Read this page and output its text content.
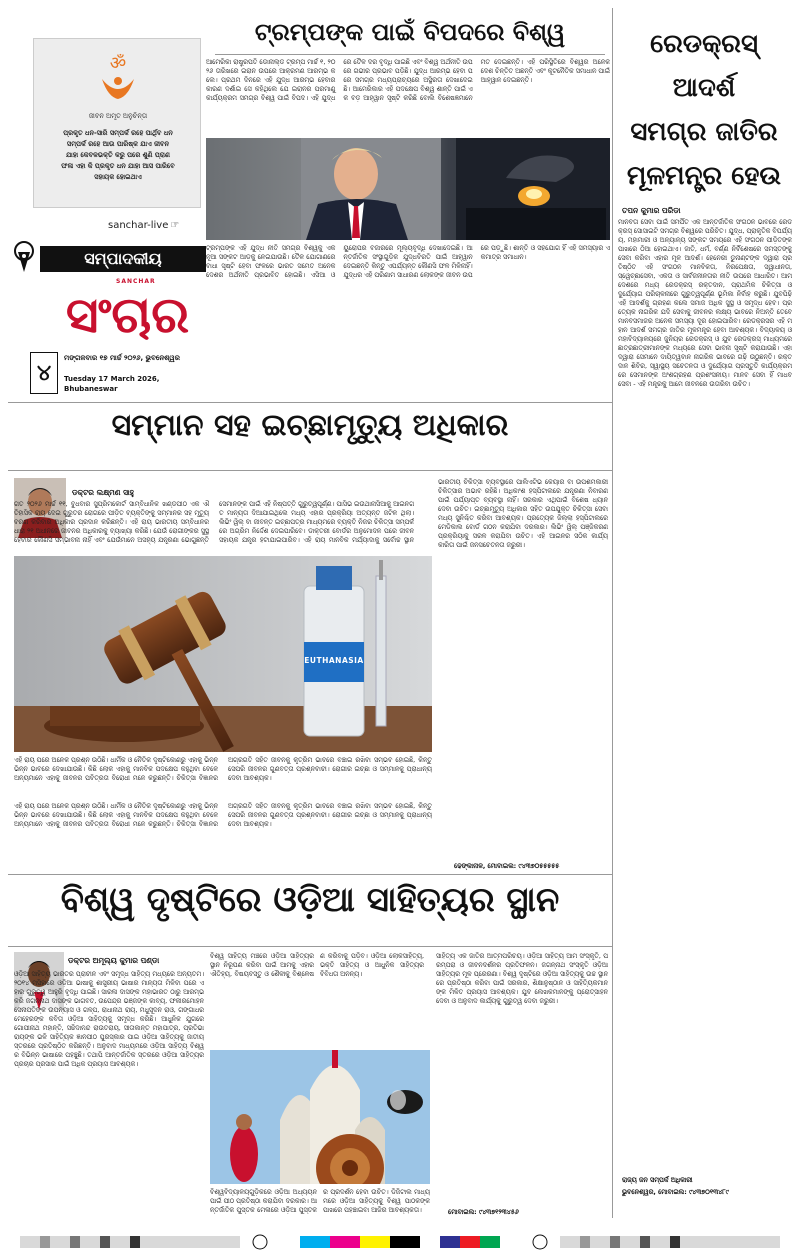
ॐ
ଜୀବନ ଅମୃତ ଅନୁଚିନ୍ତା
ପ୍ରକୃତ ଧନ-ସାରି ସମ୍ପର୍କ ରହେ ପାର୍ଥିବ ଧନ
ସମ୍ପର୍କ ରହେ ଆଉ ପାରିଷ୍କ ଯାଏ ଜୀବନ
ଯାହା କେବଳଭକ୍ତି କରୁ ପରେ ଶୁଣି ପ୍ରାଣ
ଫଳା ଏହା କି ପ୍ରକୃତ ଧନ ଯାହା ଆସ ପାରିବେ
ସହାୟକ ହୋଇଥାଏ
sanchar-live ☞
ସମ୍ପାଦକୀୟ
SANCHAR
ସଂଚାର
୪
ମଙ୍ଗଳବାର ୧୭ ମାର୍ଚ୍ଚ ୨୦୨୬, ଭୁବନେଶ୍ୱର
Tuesday 17 March 2026,
Bhubaneswar
ଟ୍ରମ୍ପଙ୍କ ପାଇଁ ବିପଦରେ ବିଶ୍ୱ
ଆମେରିକା ରାଷ୍ଟ୍ରପତି ଡୋନାଲ୍ଡ ଟ୍ରମ୍ପ ମାର୍ଚ୍ଚ ୧, ୨୦୨୬ ତାରିଖରେ ଇରାନ ଉପରେ ଆକ୍ରମଣ ଆରମ୍ଭ କଲେ। ପ୍ରଥମ ଦିନରେ ଏହି ଯୁଦ୍ଧ ଆରମ୍ଭ ହେବାର କାରଣ ଦର୍ଶାଇ ସେ କହିଥିଲେ ଯେ ଇରାନର ପରମାଣୁ କାର୍ଯ୍ୟକ୍ରମ ସମଗ୍ର ବିଶ୍ୱ ପାଇଁ ବିପଦ। ଏହି ଯୁଦ୍ଧରେ ତୈଳ ଦର ବୃଦ୍ଧି ପାଇଛି ଏବଂ ବିଶ୍ୱ ଅର୍ଥନୀତି ଉପରେ ଗଭୀର ପ୍ରଭାବ ପଡ଼ିଛି। ଯୁଦ୍ଧ ଆରମ୍ଭ ହେବା ପରେ ସମଗ୍ର ମଧ୍ୟପ୍ରାଚ୍ୟରେ ଅସ୍ଥିରତା ଦେଖାଦେଇଛି। ଆମେରିକାର ଏହି ପଦକ୍ଷେପ ବିଶ୍ୱ ଶାନ୍ତି ପାଇଁ ଏକ ବଡ଼ ଆହ୍ୱାନ ସୃଷ୍ଟି କରିଛି ବୋଲି ବିଶେଷଜ୍ଞମାନେ ମତ ଦେଇଛନ୍ତି। ଏହି ପରିସ୍ଥିତିରେ ବିଶ୍ୱର ଅନେକ ଦେଶ ଚିନ୍ତିତ ଅଛନ୍ତି ଏବଂ କୂଟନୈତିକ ସମାଧାନ ପାଇଁ ଆହ୍ୱାନ ଦେଇଛନ୍ତି।
ଟ୍ରମ୍ପଙ୍କ ଏହି ଯୁଦ୍ଧ ନୀତି ସମଗ୍ର ବିଶ୍ୱକୁ ଏକ ନୂଆ ସଙ୍କଟ ଆଡ଼କୁ ନେଇଯାଉଛି। ତୈଳ ଯୋଗାଣରେ ବାଧା ସୃଷ୍ଟି ହେବା ଫଳରେ ଭାରତ ସମେତ ଅନେକ ଦେଶର ଅର୍ଥନୀତି ପ୍ରଭାବିତ ହୋଇଛି। ଏସିଆ ଓ ୟୁରୋପର ବଜାରରେ ମୂଲ୍ୟବୃଦ୍ଧି ଦେଖାଦେଇଛି। ଆନ୍ତର୍ଜାତିକ ସଂସ୍ଥାଗୁଡ଼ିକ ଯୁଦ୍ଧବିରତି ପାଇଁ ଆହ୍ୱାନ ଦେଇଛନ୍ତି କିନ୍ତୁ ଏପର୍ଯ୍ୟନ୍ତ କୌଣସି ଫଳ ମିଳିନାହିଁ। ଯୁଦ୍ଧର ଏହି ପରିଣାମ ସାଧାରଣ ଲୋକଙ୍କ ଜୀବନ ଉପରେ ପଡ଼ୁଛି। ଶାନ୍ତି ଓ ସହଯୋଗ ହିଁ ଏହି ସମସ୍ୟାର ଏକମାତ୍ର ସମାଧାନ।
ରେଡକ୍ରସ୍
ଆଦର୍ଶ
ସମଗ୍ର ଜାତିର
ମୂଳମନ୍ତ୍ର ହେଉ
ତପନ କୁମାର ପରିଡା
ସମ୍ମାନ ସହ ଇଚ୍ଛାମୃତ୍ୟୁ ଅଧିକାର
ଡକ୍ଟର ଲକ୍ଷ୍ମଣ ସାହୁ
ଗତ ୨୦୨୬ ମାର୍ଚ୍ଚ ୧୧, ବୁଧବାର ସୁପ୍ରିମକୋର୍ଟ ସାମ୍ବିଧାନିକ ଖଣ୍ଡପୀଠ ଏକ ଐତିହାସିକ ରାୟ ଦେଇ ଗୁରୁତର ରୋଗରେ ପୀଡ଼ିତ ବ୍ୟକ୍ତିଙ୍କୁ ସମ୍ମାନର ସହ ମୃତ୍ୟୁ ବରଣ କରିବାର ଅଧିକାର ପ୍ରଦାନ କରିଛନ୍ତି। ଏହି ରାୟ ଭାରତୀୟ ସମ୍ବିଧାନର ଧାରା ୨୧ ଅଧୀନରେ ଜୀବନର ଅଧିକାରକୁ ବ୍ୟାଖ୍ୟା କରିଛି। ଯେଉଁ ରୋଗୀଙ୍କର ସୁସ୍ଥ ହେବାର କୌଣସି ସମ୍ଭାବନା ନାହିଁ ଏବଂ ଯେଉଁମାନେ ଅସହ୍ୟ ଯନ୍ତ୍ରଣା ଭୋଗୁଛନ୍ତି ସେମାନଙ୍କ ପାଇଁ ଏହି ନିଷ୍ପତ୍ତି ଗୁରୁତ୍ୱପୂର୍ଣ୍ଣ। ପାସିଭ ଇଉଥାନାସିଆକୁ ଆଇନଗତ ମାନ୍ୟତା ଦିଆଯାଇଥିଲେ ମଧ୍ୟ ଏହାର ପ୍ରକ୍ରିୟା ଅତ୍ୟନ୍ତ ଜଟିଳ ଥିଲା। ଲିଭିଂ ୱିଲ୍ ବା ଜୀବନ୍ତ ଇଚ୍ଛାପତ୍ର ମାଧ୍ୟମରେ ବ୍ୟକ୍ତି ନିଜର ଚିକିତ୍ସା ସମ୍ପର୍କରେ ଅଗ୍ରିମ ନିର୍ଦ୍ଦେଶ ଦେଇପାରିବେ। ଡାକ୍ତରୀ ବୋର୍ଡର ଅନୁମୋଦନ ପରେ ଜୀବନ ସହାୟକ ଯନ୍ତ୍ର ହଟାଯାଇପାରିବ। ଏହି ରାୟ ମାନବିକ ମର୍ଯ୍ୟାଦାକୁ ସର୍ବୋଚ୍ଚ ସ୍ଥାନ
EUTHANASIA
ଏହି ରାୟ ପରେ ଅନେକ ପ୍ରଶ୍ନ ଉଠିଛି। ଧାର୍ମିକ ଓ ନୈତିକ ଦୃଷ୍ଟିକୋଣରୁ ଏହାକୁ ଭିନ୍ନ ଭିନ୍ନ ଭାବରେ ଦେଖାଯାଉଛି। କିଛି ଲୋକ ଏହାକୁ ମାନବିକ ପଦକ୍ଷେପ କହୁଥିବା ବେଳେ ଅନ୍ୟମାନେ ଏହାକୁ ଜୀବନର ପବିତ୍ରତା ବିରୋଧୀ ମନେ କରୁଛନ୍ତି। ଚିକିତ୍ସା ବିଜ୍ଞାନର ଅଗ୍ରଗତି ସହିତ ଜୀବନକୁ କୃତ୍ରିମ ଭାବରେ ବଞ୍ଚାଇ ରଖିବା ସମ୍ଭବ ହୋଇଛି, କିନ୍ତୁ ସେପରି ଜୀବନର ଗୁଣବତ୍ତା ପ୍ରଶ୍ନବାଚୀ। ରୋଗୀର ଇଚ୍ଛା ଓ ସମ୍ମାନକୁ ପ୍ରାଧାନ୍ୟ ଦେବା ଆବଶ୍ୟକ।
ଭାରତୀୟ ଚିକିତ୍ସା ବ୍ୟବସ୍ଥାରେ ପାଲିଏଟିଭ କେୟାର ବା ଉପଶମକାରୀ ଚିକିତ୍ସାର ଅଭାବ ରହିଛି। ଅଧିକାଂଶ ହସ୍ପିଟାଲରେ ଯନ୍ତ୍ରଣା ନିବାରଣ ପାଇଁ ପର୍ଯ୍ୟାପ୍ତ ବ୍ୟବସ୍ଥା ନାହିଁ। ସରକାର ଏଥିପାଇଁ ବିଶେଷ ଧ୍ୟାନ ଦେବା ଉଚିତ। ଇଚ୍ଛାମୃତ୍ୟୁ ଅଧିକାର ସହିତ ଉପଯୁକ୍ତ ଚିକିତ୍ସା ସେବା ମଧ୍ୟ ସୁନିଶ୍ଚିତ କରିବା ଆବଶ୍ୟକ। ପ୍ରତ୍ୟେକ ଜିଲ୍ଲା ହସ୍ପିଟାଲରେ ମେଡିକାଲ ବୋର୍ଡ ଗଠନ କରାଯିବା ଦରକାର। ଲିଭିଂ ୱିଲ୍ ପଞ୍ଜିକରଣ ପ୍ରକ୍ରିୟାକୁ ସରଳ କରାଯିବା ଉଚିତ। ଏହି ଆଇନର ସଠିକ କାର୍ଯ୍ୟକାରିତା ପାଇଁ ଜନସଚେତନତା ଜରୁରୀ।
ଏହି ରାୟ ପରେ ଅନେକ ପ୍ରଶ୍ନ ଉଠିଛି। ଧାର୍ମିକ ଓ ନୈତିକ ଦୃଷ୍ଟିକୋଣରୁ ଏହାକୁ ଭିନ୍ନ ଭିନ୍ନ ଭାବରେ ଦେଖାଯାଉଛି। କିଛି ଲୋକ ଏହାକୁ ମାନବିକ ପଦକ୍ଷେପ କହୁଥିବା ବେଳେ ଅନ୍ୟମାନେ ଏହାକୁ ଜୀବନର ପବିତ୍ରତା ବିରୋଧୀ ମନେ କରୁଛନ୍ତି। ଚିକିତ୍ସା ବିଜ୍ଞାନର ଅଗ୍ରଗତି ସହିତ ଜୀବନକୁ କୃତ୍ରିମ ଭାବରେ ବଞ୍ଚାଇ ରଖିବା ସମ୍ଭବ ହୋଇଛି, କିନ୍ତୁ ସେପରି ଜୀବନର ଗୁଣବତ୍ତା ପ୍ରଶ୍ନବାଚୀ। ରୋଗୀର ଇଚ୍ଛା ଓ ସମ୍ମାନକୁ ପ୍ରାଧାନ୍ୟ ଦେବା ଆବଶ୍ୟକ।
ଢେଙ୍କାନାଳ, ମୋବାଇଲ: ୯୪୩୭୦୫୫୫୫୫
ମାନବତା ସେବା ପାଇଁ ସମର୍ପିତ ଏକ ଆନ୍ତର୍ଜାତିକ ସଂଗଠନ ଭାବରେ ରେଡକ୍ରସ୍ ସୋସାଇଟି ସମଗ୍ର ବିଶ୍ୱରେ ପରିଚିତ। ଯୁଦ୍ଧ, ପ୍ରାକୃତିକ ବିପର୍ଯ୍ୟୟ, ମହାମାରୀ ଓ ଅନ୍ୟାନ୍ୟ ସଙ୍କଟ ସମୟରେ ଏହି ସଂଗଠନ ପୀଡ଼ିତଙ୍କ ପାଖରେ ଠିଆ ହୋଇଥାଏ। ଜାତି, ଧର୍ମ, ବର୍ଣ୍ଣ ନିର୍ବିଶେଷରେ ସମସ୍ତଙ୍କୁ ସେବା କରିବା ଏହାର ମୂଳ ଆଦର୍ଶ। ହେନେରୀ ଡୁନାଣ୍ଟଙ୍କ ଦ୍ୱାରା ପ୍ରତିଷ୍ଠିତ ଏହି ସଂଗଠନ ମାନବିକତା, ନିରପେକ୍ଷତା, ସ୍ୱାଧୀନତା, ସ୍ୱେଚ୍ଛାସେବା, ଏକତା ଓ ସାର୍ବଜନୀନତାର ନୀତି ଉପରେ ଆଧାରିତ। ଆମ ଦେଶରେ ମଧ୍ୟ ରେଡକ୍ରସ୍ ରକ୍ତଦାନ, ପ୍ରାଥମିକ ଚିକିତ୍ସା ଓ ଦୁର୍ଯ୍ୟୋଗ ପରିଚାଳନାରେ ଗୁରୁତ୍ୱପୂର୍ଣ୍ଣ ଭୂମିକା ନିର୍ବାହ କରୁଛି। ଯୁବପିଢ଼ି ଏହି ଆଦର୍ଶକୁ ଗ୍ରହଣ କଲେ ସମାଜ ଅଧିକ ସୁସ୍ଥ ଓ ସମୃଦ୍ଧ ହେବ। ପ୍ରତ୍ୟେକ ନାଗରିକ ଯଦି ସେବାକୁ ଜୀବନର ଲକ୍ଷ୍ୟ ଭାବରେ ନିଅନ୍ତି ତେବେ ମାନବସମାଜର ଅନେକ ସମସ୍ୟା ଦୂର ହୋଇପାରିବ। ରେଡକ୍ରସର ଏହି ମହାନ ଆଦର୍ଶ ସମଗ୍ର ଜାତିର ମୂଳମନ୍ତ୍ର ହେବା ଆବଶ୍ୟକ। ବିଦ୍ୟାଳୟ ଓ ମହାବିଦ୍ୟାଳୟରେ ଜୁନିୟର ରେଡକ୍ରସ୍ ଓ ଯୁବ ରେଡକ୍ରସ୍ ମାଧ୍ୟମରେ ଛାତ୍ରଛାତ୍ରୀମାନଙ୍କ ମଧ୍ୟରେ ସେବା ଭାବନା ସୃଷ୍ଟି କରାଯାଉଛି। ଏହା ଦ୍ୱାରା ସେମାନେ ଦାୟିତ୍ୱବାନ ନାଗରିକ ଭାବରେ ଗଢ଼ି ଉଠୁଛନ୍ତି। ରକ୍ତଦାନ ଶିବିର, ସ୍ୱାସ୍ଥ୍ୟ ସଚେତନତା ଓ ଦୁର୍ଯ୍ୟୋଗ ପ୍ରସ୍ତୁତି କାର୍ଯ୍ୟକ୍ରମରେ ସେମାନଙ୍କ ଅଂଶଗ୍ରହଣ ପ୍ରଶଂସନୀୟ। ମାନବ ସେବା ହିଁ ମାଧବ ସେବା - ଏହି ମନ୍ତ୍ରକୁ ଆମେ ଜୀବନରେ ଉତାରିବା ଉଚିତ।
ରାଜ୍ୟ ଜନ ସମ୍ପର୍କ ଅଧିକାରୀ
ଭୁବନେଶ୍ୱର, ମୋବାଇଲ: ୯୪୩୭୦୧୩୪୮୯
ବିଶ୍ୱ ଦୃଷ୍ଟିରେ ଓଡ଼ିଆ ସାହିତ୍ୟର ସ୍ଥାନ
ଡକ୍ଟର ଅମୂଲ୍ୟ କୁମାର ପଣ୍ଡା
ଓଡ଼ିଆ ସାହିତ୍ୟ ଭାରତର ପ୍ରାଚୀନ ଏବଂ ସମୃଦ୍ଧ ସାହିତ୍ୟ ମଧ୍ୟରେ ଅନ୍ୟତମ। ୨୦୧୪ ମସିହାରେ ଓଡ଼ିଆ ଭାଷାକୁ ଶାସ୍ତ୍ରୀୟ ଭାଷାର ମାନ୍ୟତା ମିଳିବା ପରେ ଏହାର ଗୁରୁତ୍ୱ ଆହୁରି ବୃଦ୍ଧି ପାଇଛି। ସାରଳା ଦାସଙ୍କ ମହାଭାରତ ଠାରୁ ଆରମ୍ଭ କରି ଜଗନ୍ନାଥ ଦାସଙ୍କ ଭାଗବତ, ଉପେନ୍ଦ୍ର ଭଞ୍ଜଙ୍କ କାବ୍ୟ, ଫକୀରମୋହନ ସେନାପତିଙ୍କ ଉପନ୍ୟାସ ଓ ଗଳ୍ପ, ରାଧାନାଥ ରାୟ, ମଧୁସୂଦନ ରାଓ, ଗଙ୍ଗାଧର ମେହେରଙ୍କ କବିତା ଓଡ଼ିଆ ସାହିତ୍ୟକୁ ସମୃଦ୍ଧ କରିଛି। ଆଧୁନିକ ଯୁଗରେ ଗୋପୀନାଥ ମହାନ୍ତି, ସଚ୍ଚିଦାନନ୍ଦ ରାଉତରାୟ, ସୀତାକାନ୍ତ ମହାପାତ୍ର, ପ୍ରତିଭା ରାୟଙ୍କ ଭଳି ସାହିତ୍ୟିକ ଜ୍ଞାନପୀଠ ପୁରସ୍କାର ପାଇ ଓଡ଼ିଆ ସାହିତ୍ୟକୁ ଜାତୀୟ ସ୍ତରରେ ପ୍ରତିଷ୍ଠିତ କରିଛନ୍ତି। ଅନୁବାଦ ମାଧ୍ୟମରେ ଓଡ଼ିଆ ସାହିତ୍ୟ ବିଶ୍ୱର ବିଭିନ୍ନ ଭାଷାରେ ପହଞ୍ଚୁଛି। ତଥାପି ଆନ୍ତର୍ଜାତିକ ସ୍ତରରେ ଓଡ଼ିଆ ସାହିତ୍ୟର ପ୍ରଚାର ପ୍ରସାର ପାଇଁ ଅଧିକ ପ୍ରୟାସ ଆବଶ୍ୟକ।
ବିଶ୍ୱ ସାହିତ୍ୟ ମଞ୍ଚରେ ଓଡ଼ିଆ ସାହିତ୍ୟର ସ୍ଥାନ ନିରୂପଣ କରିବା ପାଇଁ ଆମକୁ ଏହାର ଐତିହ୍ୟ, ବିଷୟବସ୍ତୁ ଓ ଶୈଳୀକୁ ବିଶ୍ଳେଷଣ କରିବାକୁ ପଡ଼ିବ। ଓଡ଼ିଆ ଲୋକସାହିତ୍ୟ, ଭକ୍ତି ସାହିତ୍ୟ ଓ ଆଧୁନିକ ସାହିତ୍ୟର ବିବିଧତା ଅନନ୍ୟ।
ବିଶ୍ୱବିଦ୍ୟାଳୟଗୁଡ଼ିକରେ ଓଡ଼ିଆ ଅଧ୍ୟୟନ ପାଇଁ ପୀଠ ପ୍ରତିଷ୍ଠା କରାଯିବା ଦରକାର। ଆନ୍ତର୍ଜାତିକ ପୁସ୍ତକ ମେଳାରେ ଓଡ଼ିଆ ପୁସ୍ତକର ପ୍ରଦର୍ଶନ ହେବା ଉଚିତ। ଡିଜିଟାଲ ମାଧ୍ୟମରେ ଓଡ଼ିଆ ସାହିତ୍ୟକୁ ବିଶ୍ୱ ପାଠକଙ୍କ ପାଖରେ ପହଞ୍ଚାଇବା ଆଜିର ଆବଶ୍ୟକତା।
ସାହିତ୍ୟ ଏକ ଜାତିର ଆତ୍ମପରିଚୟ। ଓଡ଼ିଆ ସାହିତ୍ୟ ଆମ ସଂସ୍କୃତି, ପରମ୍ପରା ଓ ଜୀବନଦର୍ଶନର ପ୍ରତିଫଳନ। ଜଗନ୍ନାଥ ସଂସ୍କୃତି ଓଡ଼ିଆ ସାହିତ୍ୟର ମୂଳ ପ୍ରେରଣା। ବିଶ୍ୱ ଦୃଷ୍ଟିରେ ଓଡ଼ିଆ ସାହିତ୍ୟକୁ ଉଚ୍ଚ ସ୍ଥାନରେ ପ୍ରତିଷ୍ଠା କରିବା ପାଇଁ ସରକାର, ଶିକ୍ଷାନୁଷ୍ଠାନ ଓ ସାହିତ୍ୟିକମାନଙ୍କ ମିଳିତ ପ୍ରୟାସ ଆବଶ୍ୟକ। ଯୁବ ଲେଖକମାନଙ୍କୁ ପ୍ରୋତ୍ସାହନ ଦେବା ଓ ଅନୁବାଦ କାର୍ଯ୍ୟକୁ ଗୁରୁତ୍ୱ ଦେବା ଜରୁରୀ।
ମୋବାଇଲ: ୯୪୩୭୧୨୩୪୫୬
